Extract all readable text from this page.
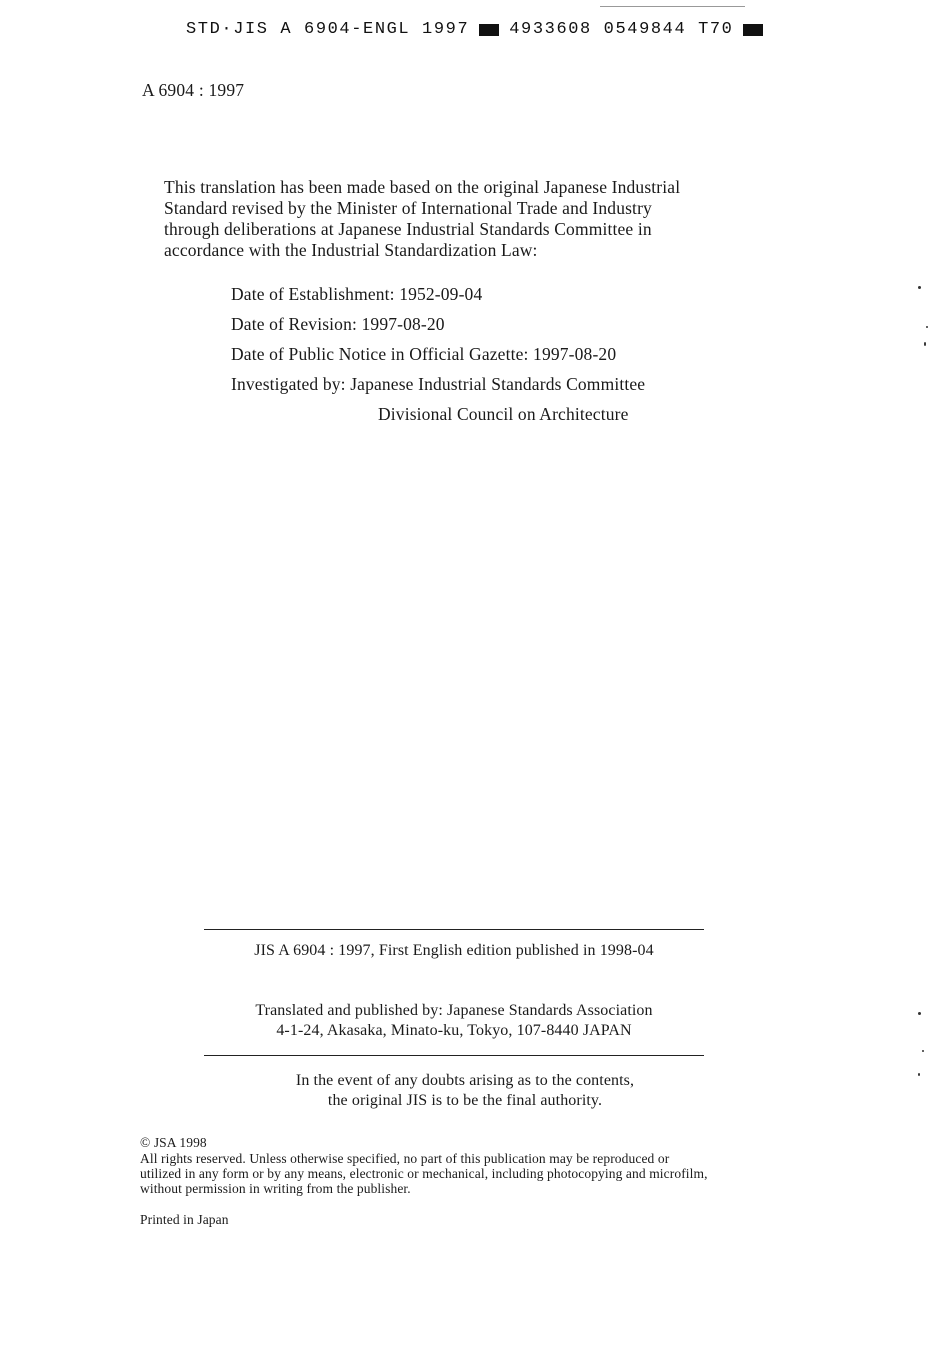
STD·JIS A 6904-ENGL 1997 4933608 0549844 T70
A 6904 : 1997
This translation has been made based on the original Japanese Industrial
Standard revised by the Minister of International Trade and Industry
through deliberations at Japanese Industrial Standards Committee in
accordance with the Industrial Standardization Law:
Date of Establishment: 1952-09-04
Date of Revision: 1997-08-20
Date of Public Notice in Official Gazette: 1997-08-20
Investigated by: Japanese Industrial Standards Committee
Divisional Council on Architecture
JIS A 6904 : 1997, First English edition published in 1998-04
Translated and published by: Japanese Standards Association
4-1-24, Akasaka, Minato-ku, Tokyo, 107-8440 JAPAN
In the event of any doubts arising as to the contents,
the original JIS is to be the final authority.
© JSA 1998
All rights reserved. Unless otherwise specified, no part of this publication may be reproduced or
utilized in any form or by any means, electronic or mechanical, including photocopying and microfilm,
without permission in writing from the publisher.
Printed in Japan
